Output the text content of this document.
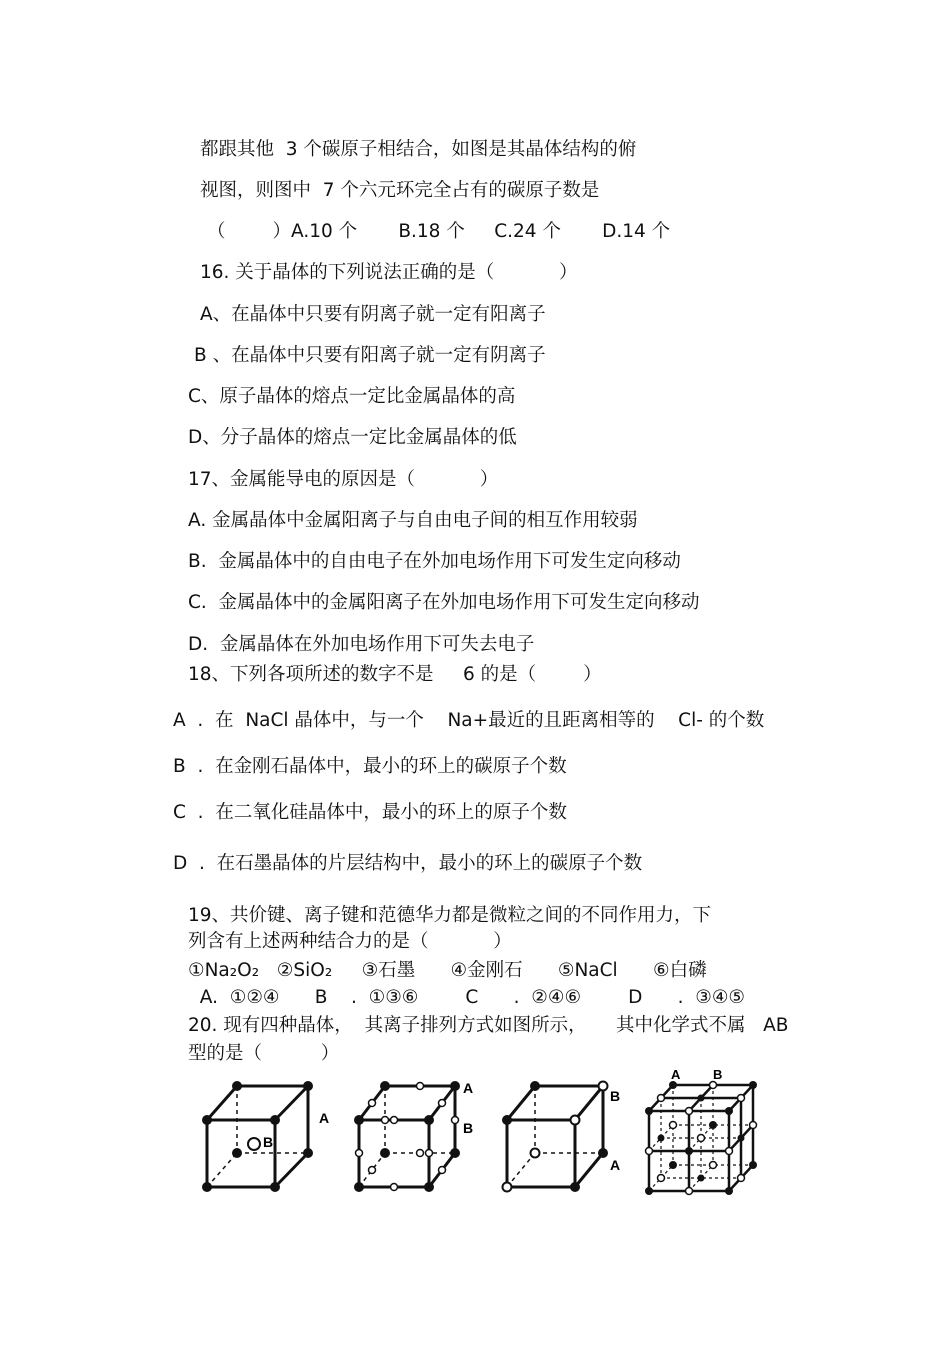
都跟其他  3 个碳原子相结合，如图是其晶体结构的俯
视图，则图中  7 个六元环完全占有的碳原子数是
（        ）A.10 个       B.18 个     C.24 个       D.14 个
16. 关于晶体的下列说法正确的是（           ）
A、在晶体中只要有阴离子就一定有阳离子
B 、在晶体中只要有阳离子就一定有阴离子
C、原子晶体的熔点一定比金属晶体的高
D、分子晶体的熔点一定比金属晶体的低
17、金属能导电的原因是（           ）
A. 金属晶体中金属阳离子与自由电子间的相互作用较弱
B.  金属晶体中的自由电子在外加电场作用下可发生定向移动
C.  金属晶体中的金属阳离子在外加电场作用下可发生定向移动
D.  金属晶体在外加电场作用下可失去电子
18、下列各项所述的数字不是     6 的是（        ）
A  .  在  NaCl 晶体中，与一个    Na+最近的且距离相等的    Cl- 的个数
B  .  在金刚石晶体中，最小的环上的碳原子个数
C  .  在二氧化硅晶体中，最小的环上的原子个数
D  .  在石墨晶体的片层结构中，最小的环上的碳原子个数
19、共价键、离子键和范德华力都是微粒之间的不同作用力，下
列含有上述两种结合力的是（           ）
①Na₂O₂   ②SiO₂     ③石墨      ④金刚石      ⑤NaCl      ⑥白磷
A.  ①②④      B    .  ①③⑥        C      .  ②④⑥        D      .  ③④⑤
20. 现有四种晶体，  其离子排列方式如图所示，     其中化学式不属   AB
型的是（          ）
A
B
A
B
B
A
A	B
